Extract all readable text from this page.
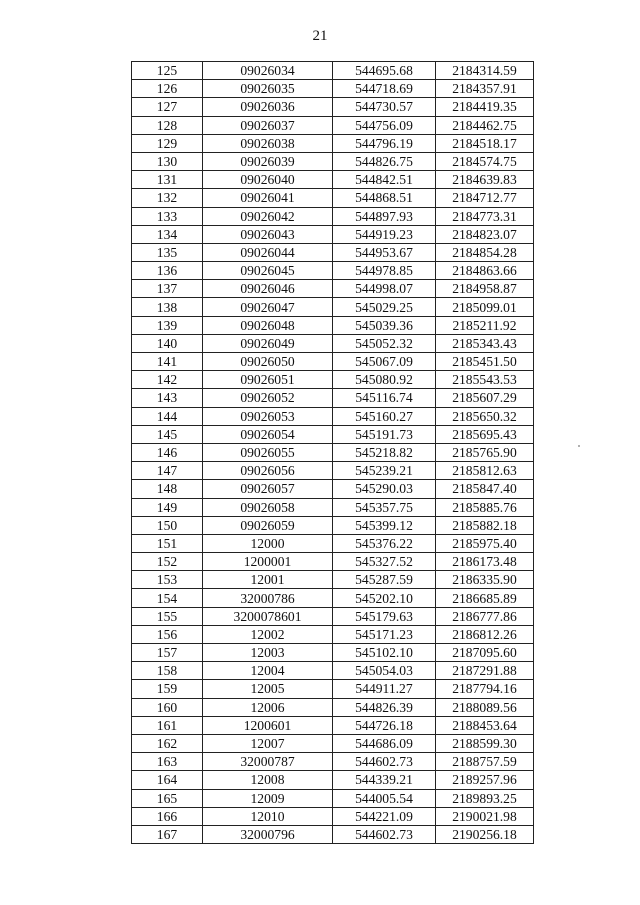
21
125	09026034	544695.68	2184314.59
126	09026035	544718.69	2184357.91
127	09026036	544730.57	2184419.35
128	09026037	544756.09	2184462.75
129	09026038	544796.19	2184518.17
130	09026039	544826.75	2184574.75
131	09026040	544842.51	2184639.83
132	09026041	544868.51	2184712.77
133	09026042	544897.93	2184773.31
134	09026043	544919.23	2184823.07
135	09026044	544953.67	2184854.28
136	09026045	544978.85	2184863.66
137	09026046	544998.07	2184958.87
138	09026047	545029.25	2185099.01
139	09026048	545039.36	2185211.92
140	09026049	545052.32	2185343.43
141	09026050	545067.09	2185451.50
142	09026051	545080.92	2185543.53
143	09026052	545116.74	2185607.29
144	09026053	545160.27	2185650.32
145	09026054	545191.73	2185695.43
146	09026055	545218.82	2185765.90
147	09026056	545239.21	2185812.63
148	09026057	545290.03	2185847.40
149	09026058	545357.75	2185885.76
150	09026059	545399.12	2185882.18
151	12000	545376.22	2185975.40
152	1200001	545327.52	2186173.48
153	12001	545287.59	2186335.90
154	32000786	545202.10	2186685.89
155	3200078601	545179.63	2186777.86
156	12002	545171.23	2186812.26
157	12003	545102.10	2187095.60
158	12004	545054.03	2187291.88
159	12005	544911.27	2187794.16
160	12006	544826.39	2188089.56
161	1200601	544726.18	2188453.64
162	12007	544686.09	2188599.30
163	32000787	544602.73	2188757.59
164	12008	544339.21	2189257.96
165	12009	544005.54	2189893.25
166	12010	544221.09	2190021.98
167	32000796	544602.73	2190256.18
